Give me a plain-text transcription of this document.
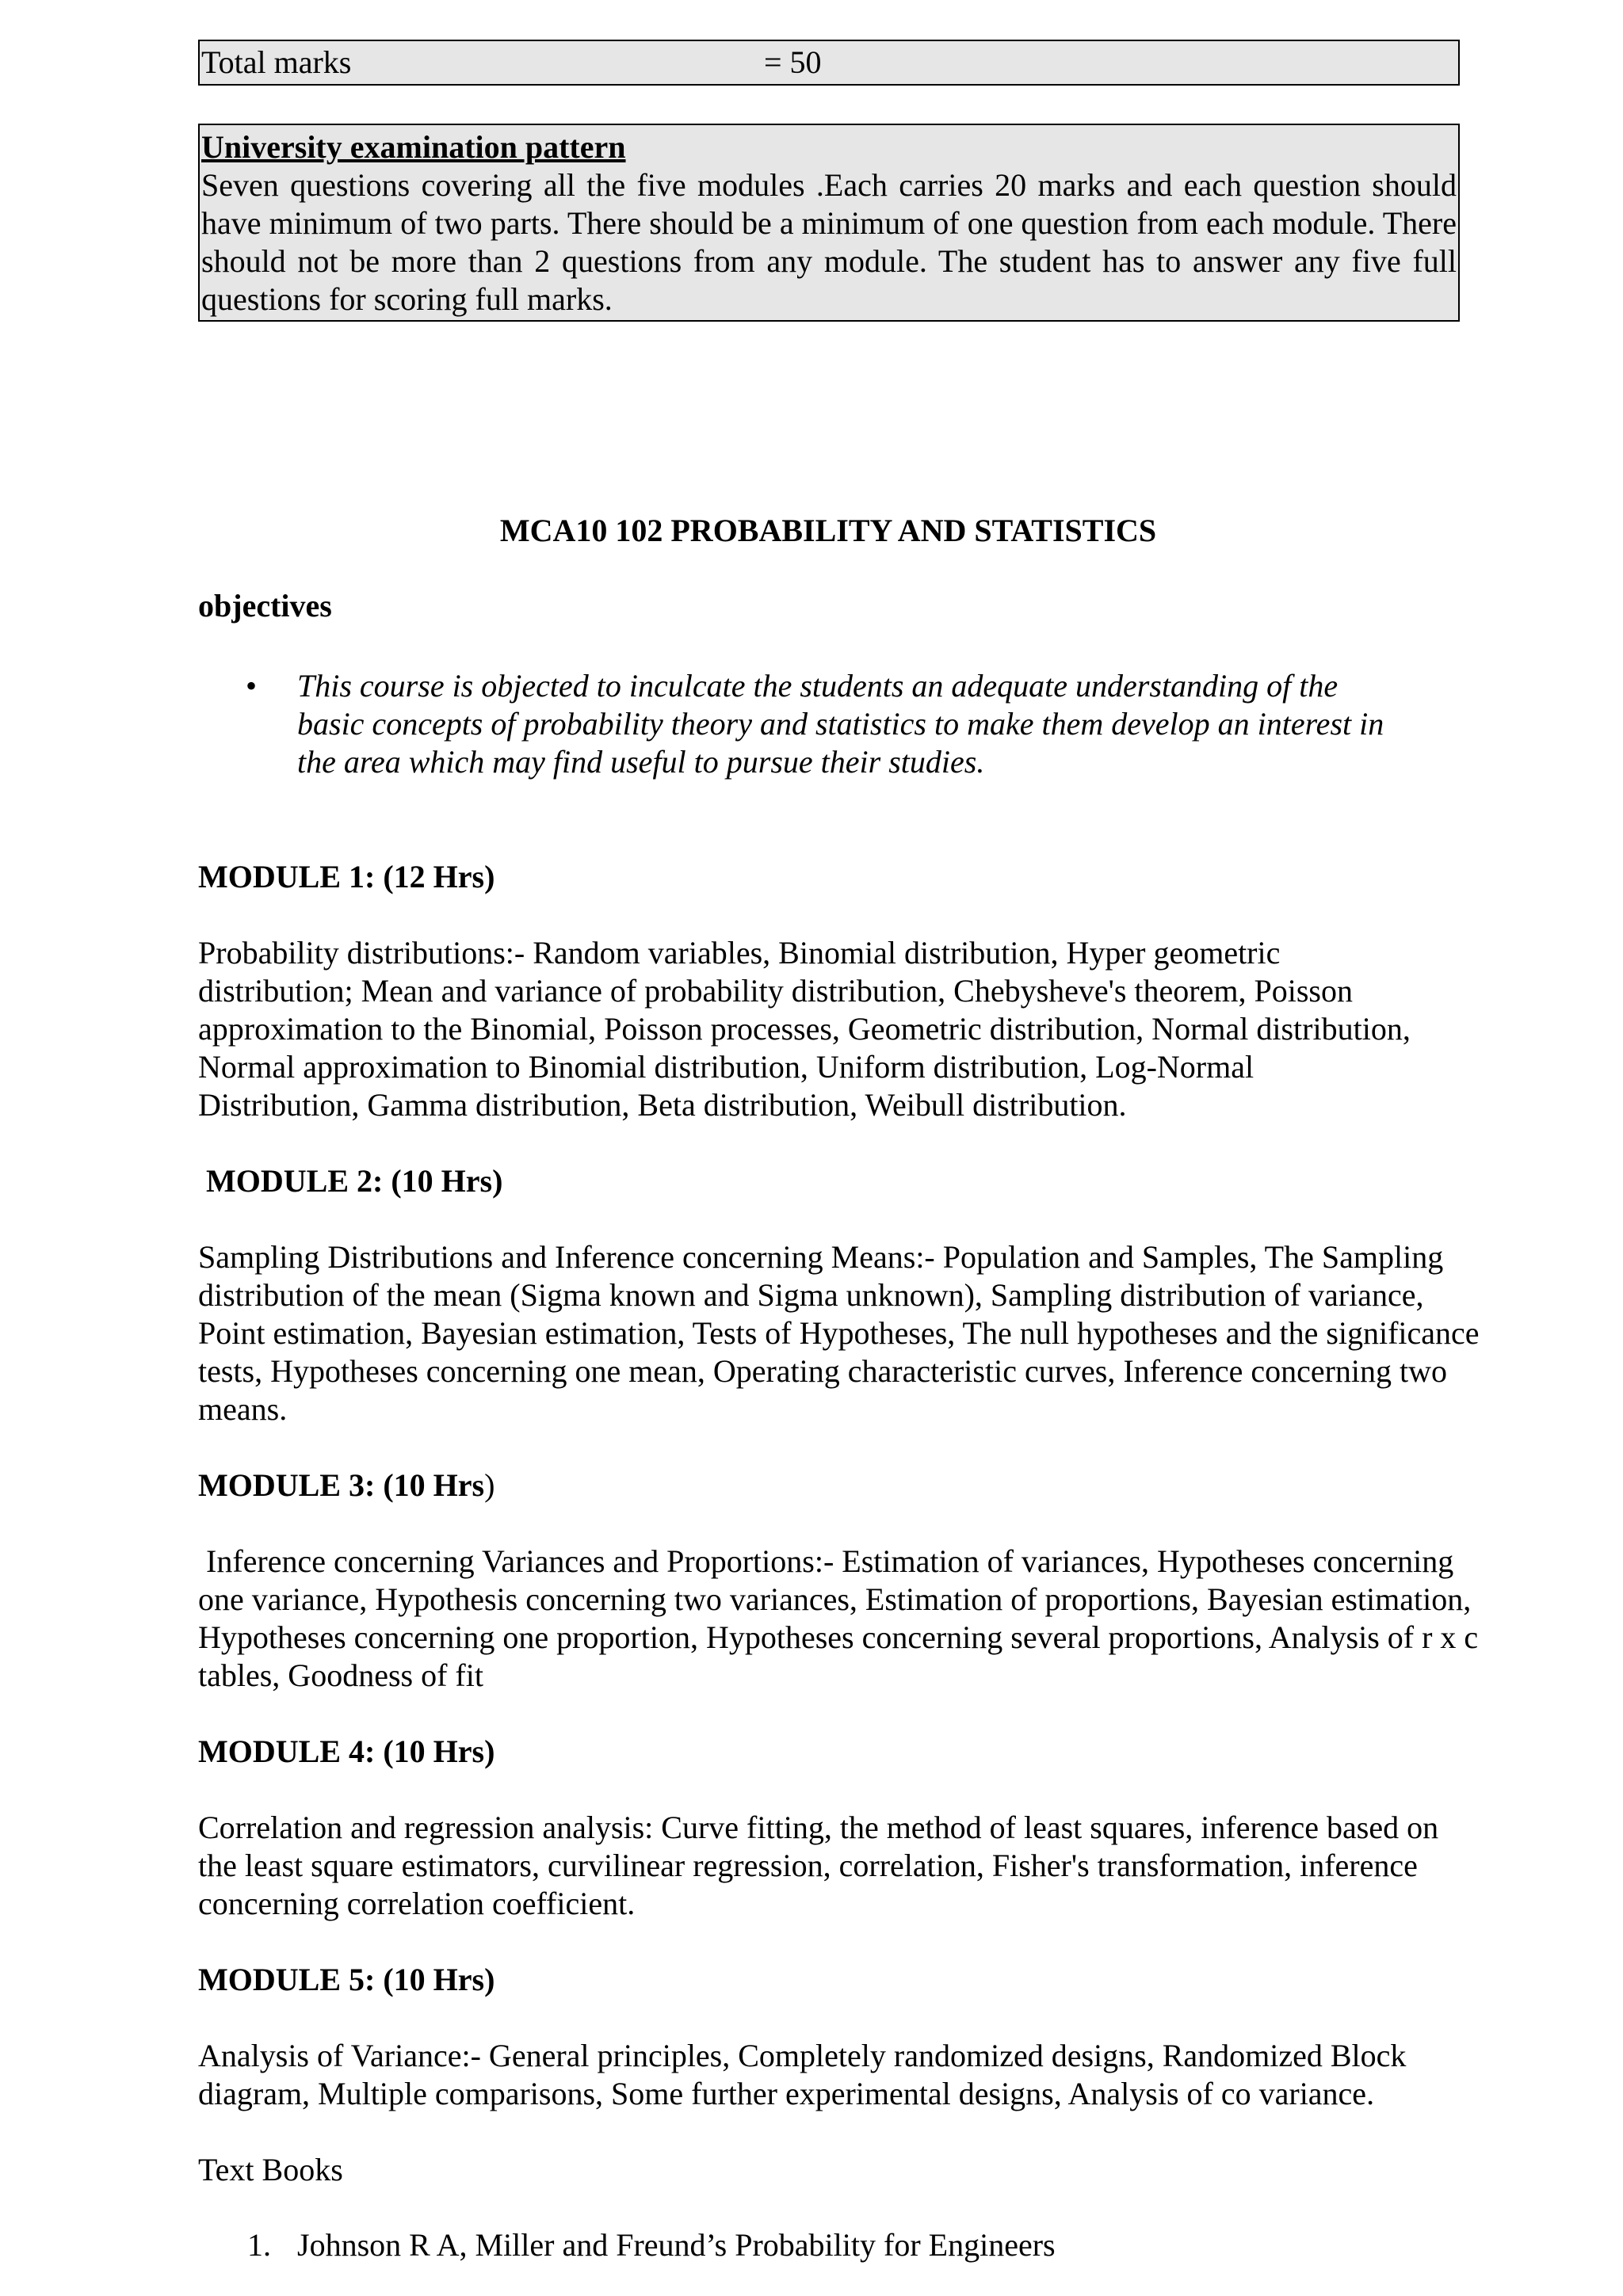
Total marks	= 50
University examination pattern
Seven questions covering all the five modules .Each carries 20 marks and each question should have minimum of two parts. There should be a minimum of one question from each module. There should not be more than 2 questions from any module. The student has to answer any five full questions for scoring full marks.
MCA10 102 PROBABILITY AND STATISTICS
objectives
• This course is objected to inculcate the students an adequate understanding of the basic concepts of probability theory and statistics to make them develop an interest in the area which may find useful to pursue their studies.
MODULE 1: (12 Hrs)
Probability distributions:- Random variables, Binomial distribution, Hyper geometric distribution; Mean and variance of probability distribution, Chebysheve's theorem, Poisson approximation to the Binomial, Poisson processes, Geometric distribution, Normal distribution, Normal approximation to Binomial distribution, Uniform distribution, Log-Normal Distribution, Gamma distribution, Beta distribution, Weibull distribution.
MODULE 2: (10 Hrs)
Sampling Distributions and Inference concerning Means:- Population and Samples, The Sampling distribution of the mean (Sigma known and Sigma unknown), Sampling distribution of variance, Point estimation, Bayesian estimation, Tests of Hypotheses, The null hypotheses and the significance tests, Hypotheses concerning one mean, Operating characteristic curves, Inference concerning two means.
MODULE 3: (10 Hrs)
Inference concerning Variances and Proportions:- Estimation of variances, Hypotheses concerning one variance, Hypothesis concerning two variances, Estimation of proportions, Bayesian estimation, Hypotheses concerning one proportion, Hypotheses concerning several proportions, Analysis of r x c tables, Goodness of fit
MODULE 4: (10 Hrs)
Correlation and regression analysis: Curve fitting, the method of least squares, inference based on the least square estimators, curvilinear regression, correlation, Fisher's transformation, inference concerning correlation coefficient.
MODULE 5: (10 Hrs)
Analysis of Variance:- General principles, Completely randomized designs, Randomized Block diagram, Multiple comparisons, Some further experimental designs, Analysis of co variance.
Text Books
1. Johnson R A, Miller and Freund’s Probability for Engineers
